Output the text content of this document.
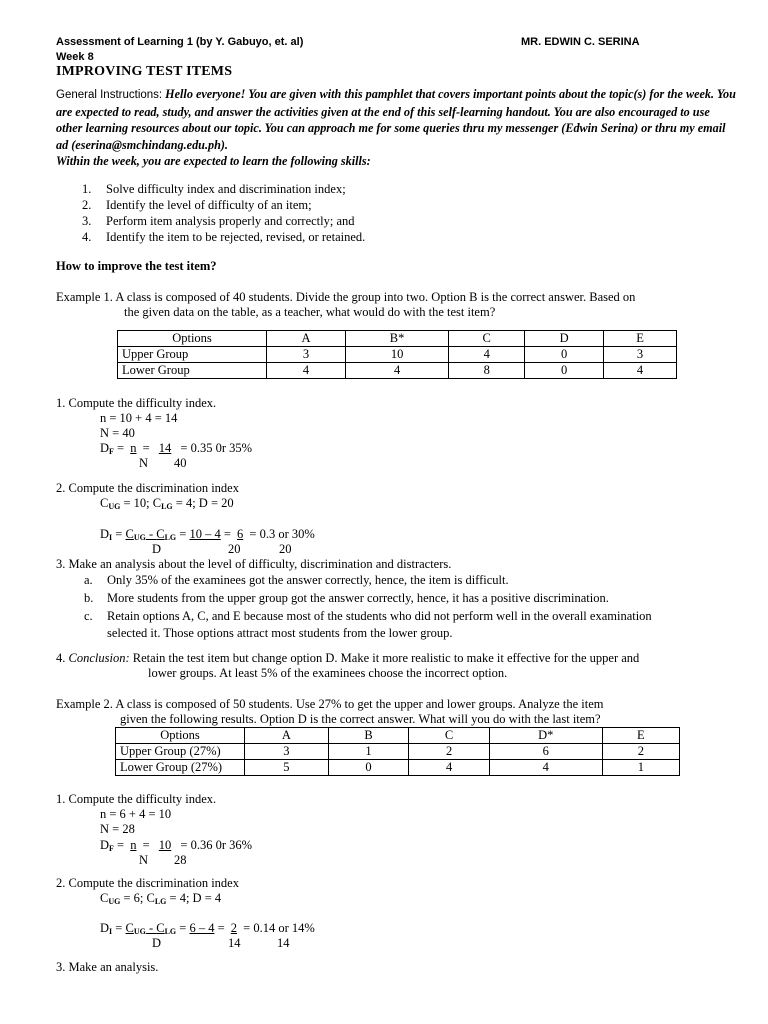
Assessment of Learning 1 (by Y. Gabuyo, et. al)	MR. EDWIN C. SERINA
Week 8
IMPROVING TEST ITEMS
General Instructions: Hello everyone! You are given with this pamphlet that covers important points about the topic(s) for the week. You are expected to read, study, and answer the activities given at the end of this self-learning handout. You are also encouraged to use other learning resources about our topic. You can approach me for some queries thru my messenger (Edwin Serina) or thru my email ad (eserina@smchindang.edu.ph).
Within the week, you are expected to learn the following skills:
1. Solve difficulty index and discrimination index;
2. Identify the level of difficulty of an item;
3. Perform item analysis properly and correctly; and
4. Identify the item to be rejected, revised, or retained.
How to improve the test item?
Example 1. A class is composed of 40 students. Divide the group into two. Option B is the correct answer. Based on
the given data on the table, as a teacher, what would do with the test item?
Options	A	B*	C	D	E
Upper Group	3	10	4	0	3
Lower Group	4	4	8	0	4
1. Compute the difficulty index.
n = 10 + 4 = 14
N = 40
$D_F = n = 14 = 0.35$ 0r 35%
N 40
2. Compute the discrimination index
$C_{UG} = 10$; $C_{LG} = 4$; D = 20
$D_I = C_{UG} - C_{LG} = 10 - 4 = 6 = 0.3$ or 30%
D	20	20
3. Make an analysis about the level of difficulty, discrimination and distracters.
a. Only 35% of the examinees got the answer correctly, hence, the item is difficult.
b. More students from the upper group got the answer correctly, hence, it has a positive discrimination.
c. Retain options A, C, and E because most of the students who did not perform well in the overall examination
selected it. Those options attract most students from the lower group.
4. Conclusion: Retain the test item but change option D. Make it more realistic to make it effective for the upper and
lower groups. At least 5% of the examinees choose the incorrect option.
Example 2. A class is composed of 50 students. Use 27% to get the upper and lower groups. Analyze the item
given the following results. Option D is the correct answer. What will you do with the last item?
Options	A	B	C	D*	E
Upper Group (27%)	3	1	2	6	2
Lower Group (27%)	5	0	4	4	1
1. Compute the difficulty index.
n = 6 + 4 = 10
N = 28
$D_F = n = 10 = 0.36$ 0r 36%
N 28
2. Compute the discrimination index
$C_{UG} = 6$; $C_{LG} = 4$; D = 4
$D_I = C_{UG} - C_{LG} = 6 - 4 = 2 = 0.14$ or 14%
D	14	14
3. Make an analysis.
